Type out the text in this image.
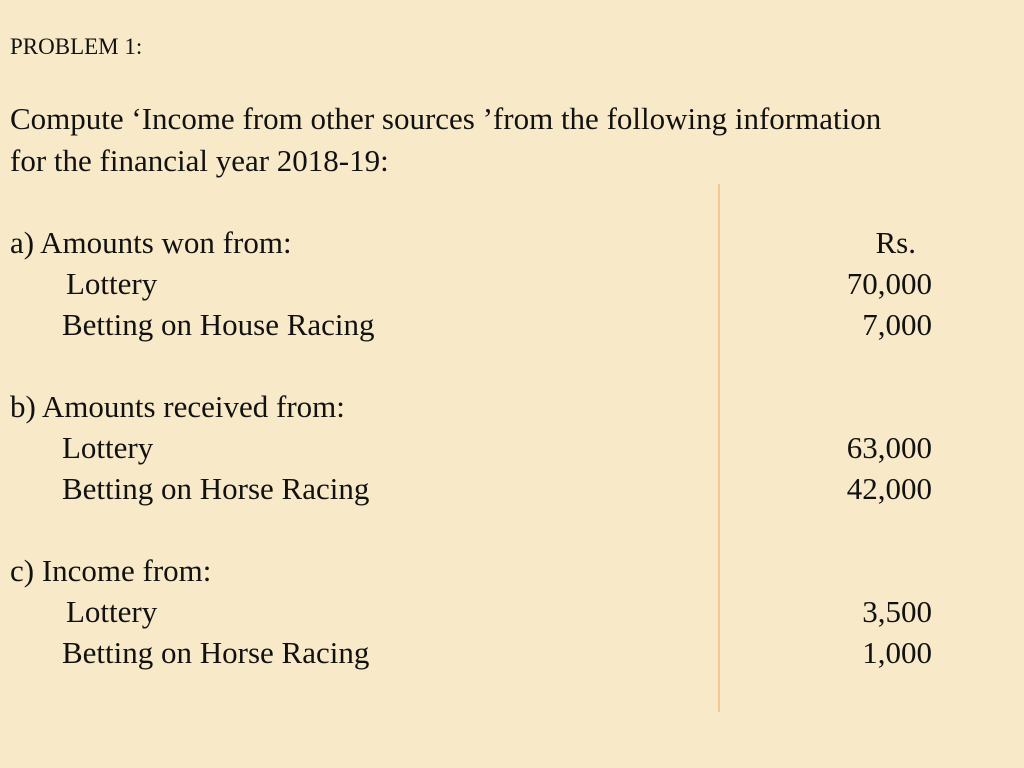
PROBLEM 1:
Compute ‘Income from other sources ’from the following information
for the financial year 2018-19:
a) Amounts won from:	Rs.
Lottery	70,000
Betting on House Racing	7,000
b) Amounts received from:
Lottery	63,000
Betting on Horse Racing	42,000
c) Income from:
Lottery	3,500
Betting on Horse Racing	1,000
